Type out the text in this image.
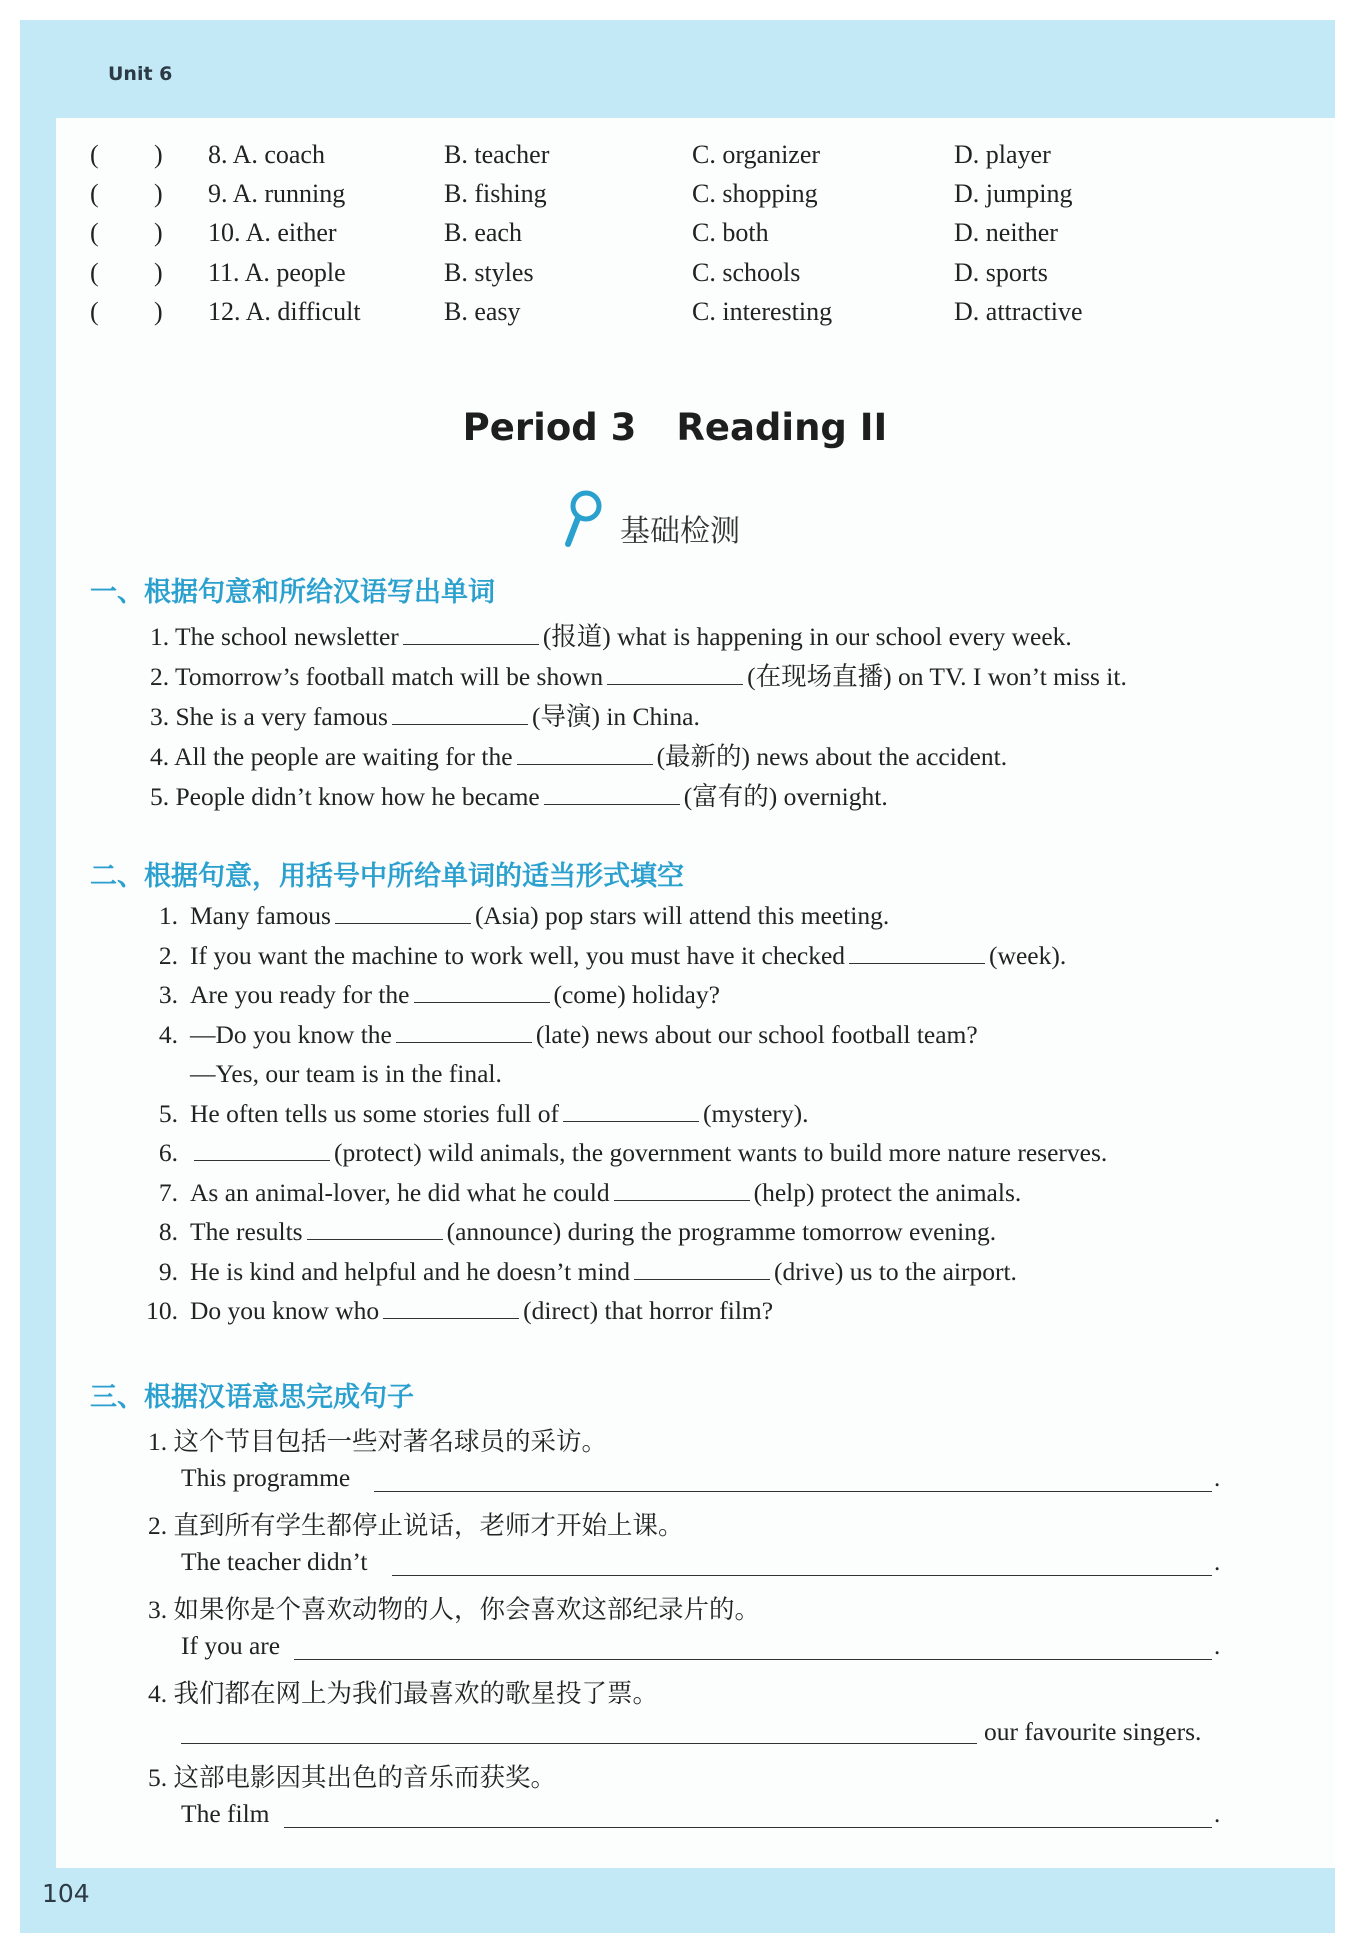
Unit 6
( ) 8. A. coach	B. teacher	C. organizer	D. player
( ) 9. A. running	B. fishing	C. shopping	D. jumping
( ) 10. A. either	B. each	C. both	D. neither
( ) 11. A. people	B. styles	C. schools	D. sports
( ) 12. A. difficult	B. easy	C. interesting	D. attractive
Period 3 Reading II
基础检测
一、根据句意和所给汉语写出单词
1. The school newsletter	(报道) what is happening in our school every week.
2. Tomorrow’s football match will be shown	(在现场直播) on TV. I won’t miss it.
3. She is a very famous	(导演) in China.
4. All the people are waiting for the	(最新的) news about the accident.
5. People didn’t know how he became	(富有的) overnight.
二、根据句意，用括号中所给单词的适当形式填空
1. Many famous	(Asia) pop stars will attend this meeting.
2. If you want the machine to work well, you must have it checked	(week).
3. Are you ready for the	(come) holiday?
4. —Do you know the	(late) news about our school football team?
—Yes, our team is in the final.
5. He often tells us some stories full of	(mystery).
6.	(protect) wild animals, the government wants to build more nature reserves.
7. As an animal-lover, he did what he could	(help) protect the animals.
8. The results	(announce) during the programme tomorrow evening.
9. He is kind and helpful and he doesn’t mind	(drive) us to the airport.
10. Do you know who	(direct) that horror film?
三、根据汉语意思完成句子
1. 这个节目包括一些对著名球员的采访。
This programme	.
2. 直到所有学生都停止说话，老师才开始上课。
The teacher didn’t	.
3. 如果你是个喜欢动物的人，你会喜欢这部纪录片的。
If you are	.
4. 我们都在网上为我们最喜欢的歌星投了票。
our favourite singers.
5. 这部电影因其出色的音乐而获奖。
The film	.
104
